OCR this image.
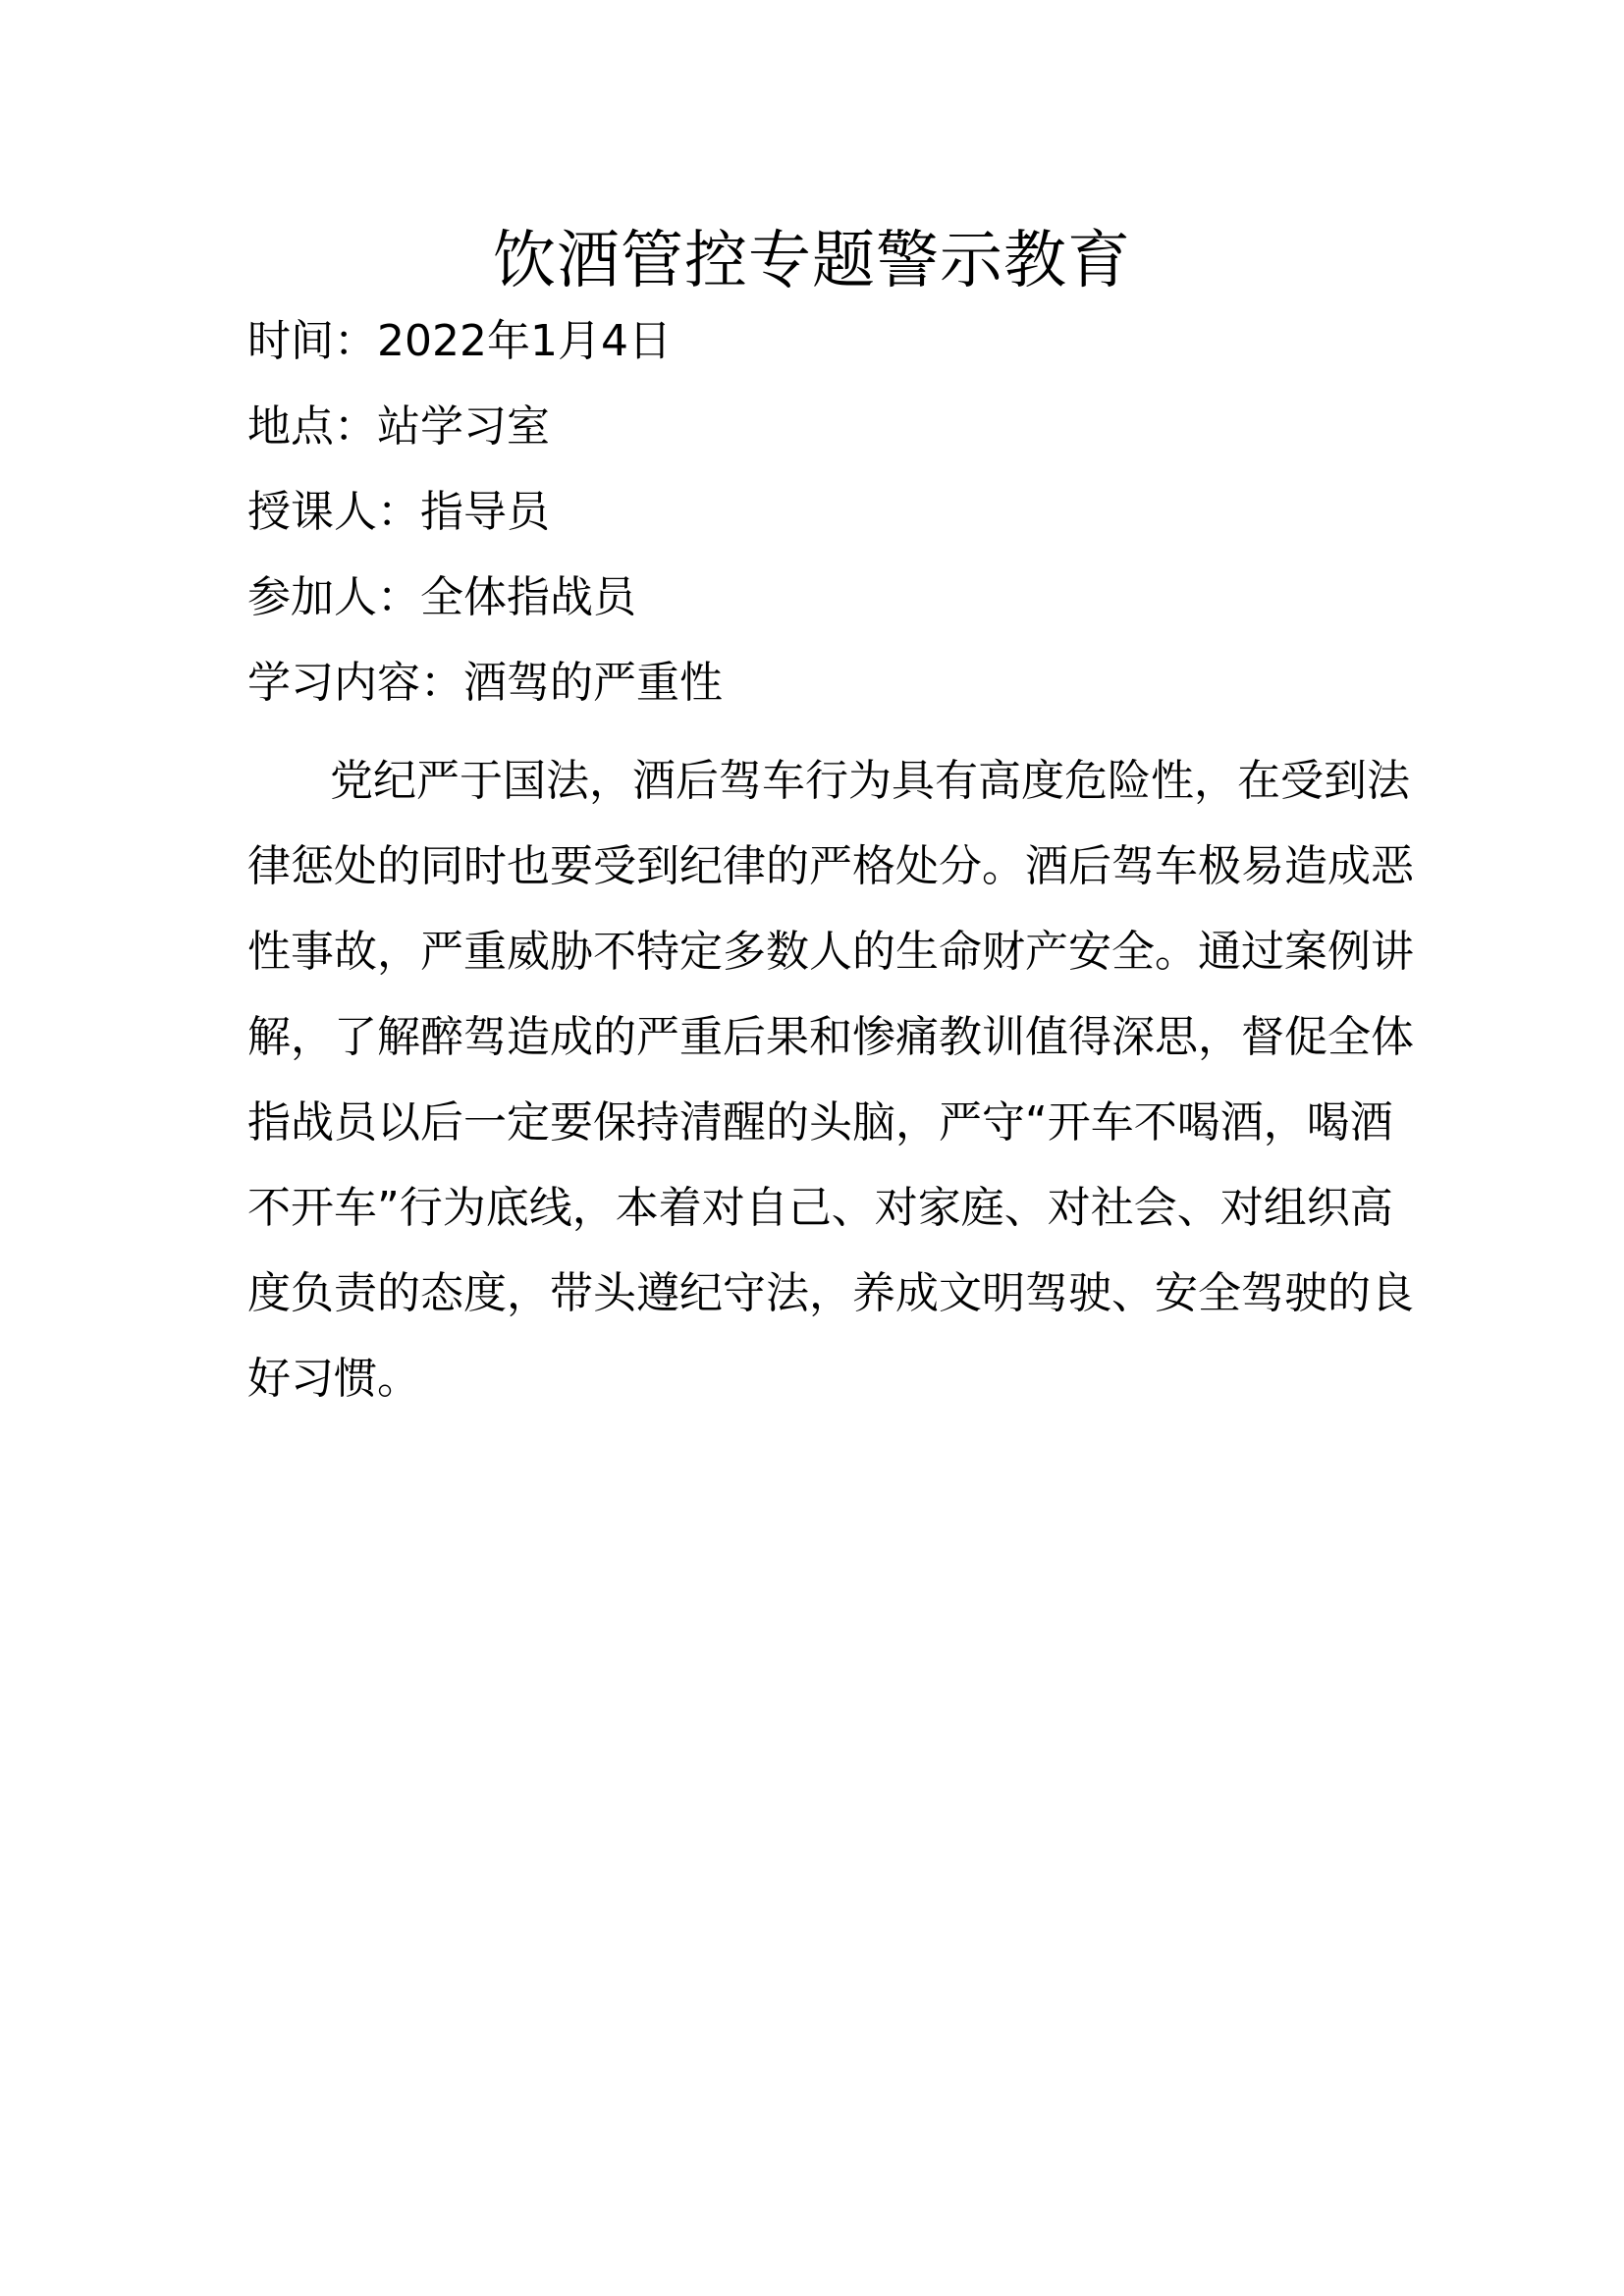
饮酒管控专题警示教育

时间：2022年1月4日

地点：站学习室

授课人：指导员

参加人：全体指战员

学习内容：酒驾的严重性

党纪严于国法，酒后驾车行为具有高度危险性，在受到法
律惩处的同时也要受到纪律的严格处分。酒后驾车极易造成恶
性事故，严重威胁不特定多数人的生命财产安全。通过案例讲
解，了解醉驾造成的严重后果和惨痛教训值得深思，督促全体
指战员以后一定要保持清醒的头脑，严守“开车不喝酒，喝酒
不开车”行为底线，本着对自己、对家庭、对社会、对组织高
度负责的态度，带头遵纪守法，养成文明驾驶、安全驾驶的良
好习惯。
